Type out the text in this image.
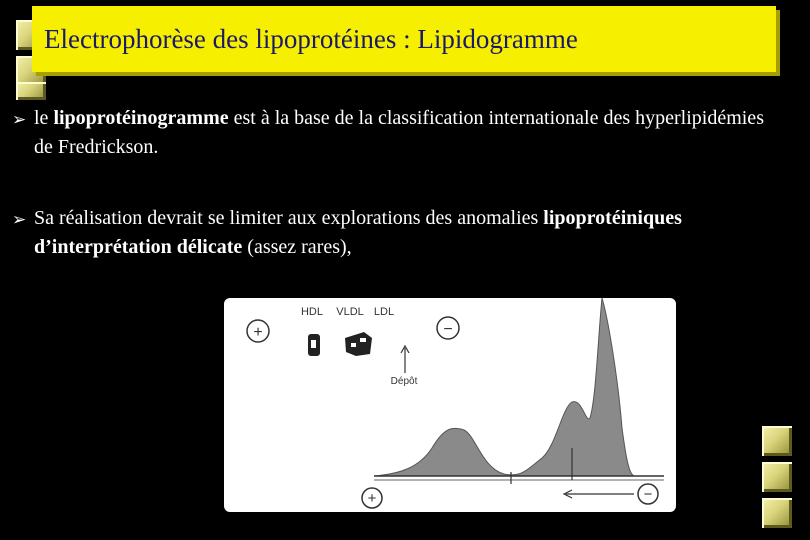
Electrophorèse des lipoprotéines : Lipidogramme
➢ le lipoprotéinogramme est à la base de la classification internationale des hyperlipidémies de Fredrickson.
➢ Sa réalisation devrait se limiter aux explorations des anomalies lipoprotéiniques d’interprétation délicate (assez rares),
+	−
HDL VLDL LDL
Dépôt
+	−
